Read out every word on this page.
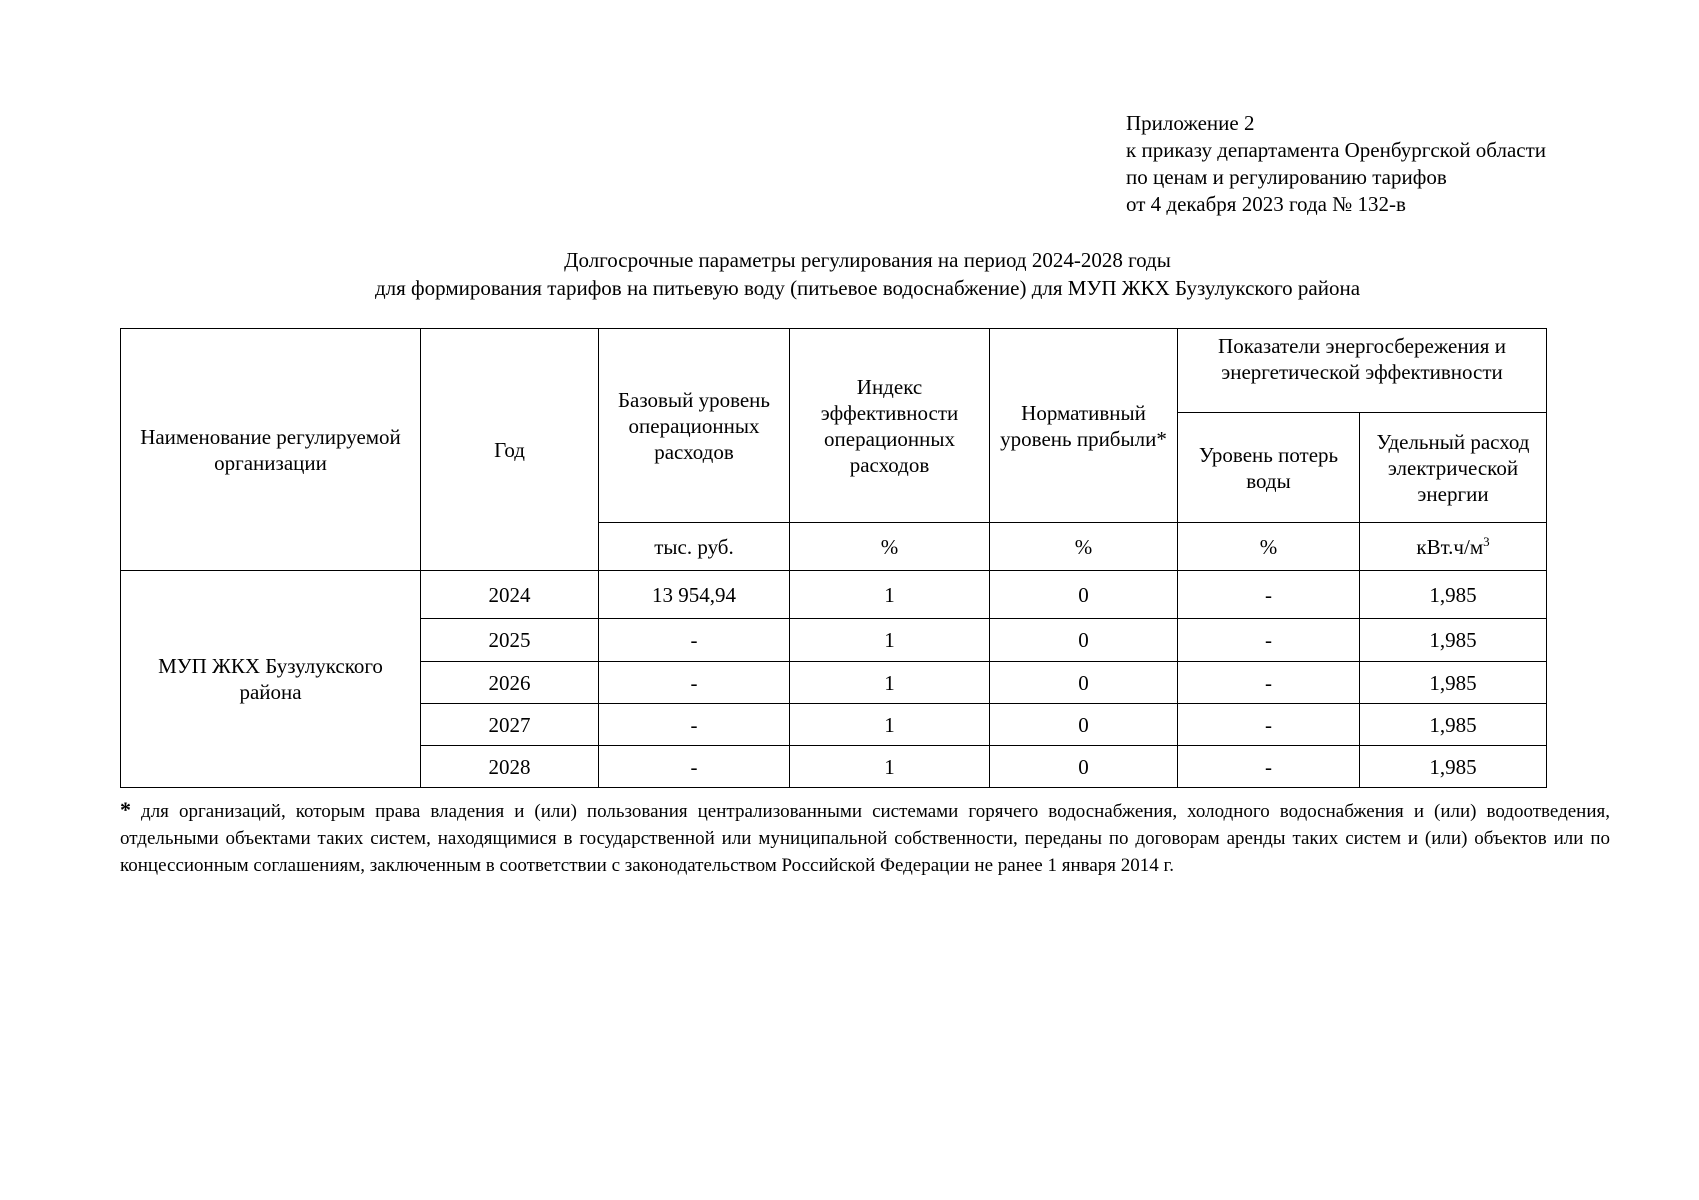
Приложение 2
к приказу департамента Оренбургской области
по ценам и регулированию тарифов
от 4 декабря 2023 года № 132-в
Долгосрочные параметры регулирования на период 2024-2028 годы
для формирования тарифов на питьевую воду (питьевое водоснабжение) для МУП ЖКХ Бузулукского района
Наименование регулируемой организации	Год	Базовый уровень операционных расходов	Индекс эффективности операционных расходов	Нормативный уровень прибыли*	Показатели энергосбережения и энергетической эффективности	
					Уровень потерь воды	Удельный расход электрической энергии
		тыс. руб.	%	%	%	$кВт.ч/м^3$
МУП ЖКХ Бузулукского района	2024	13 954,94	1	0	-	1,985
	2025	-	1	0	-	1,985
	2026	-	1	0	-	1,985
	2027	-	1	0	-	1,985
	2028	-	1	0	-	1,985
* для организаций, которым права владения и (или) пользования централизованными системами горячего водоснабжения, холодного водоснабжения и (или) водоотведения, отдельными объектами таких систем, находящимися в государственной или муниципальной собственности, переданы по договорам аренды таких систем и (или) объектов или по концессионным соглашениям, заключенным в соответствии с законодательством Российской Федерации не ранее 1 января 2014 г.
